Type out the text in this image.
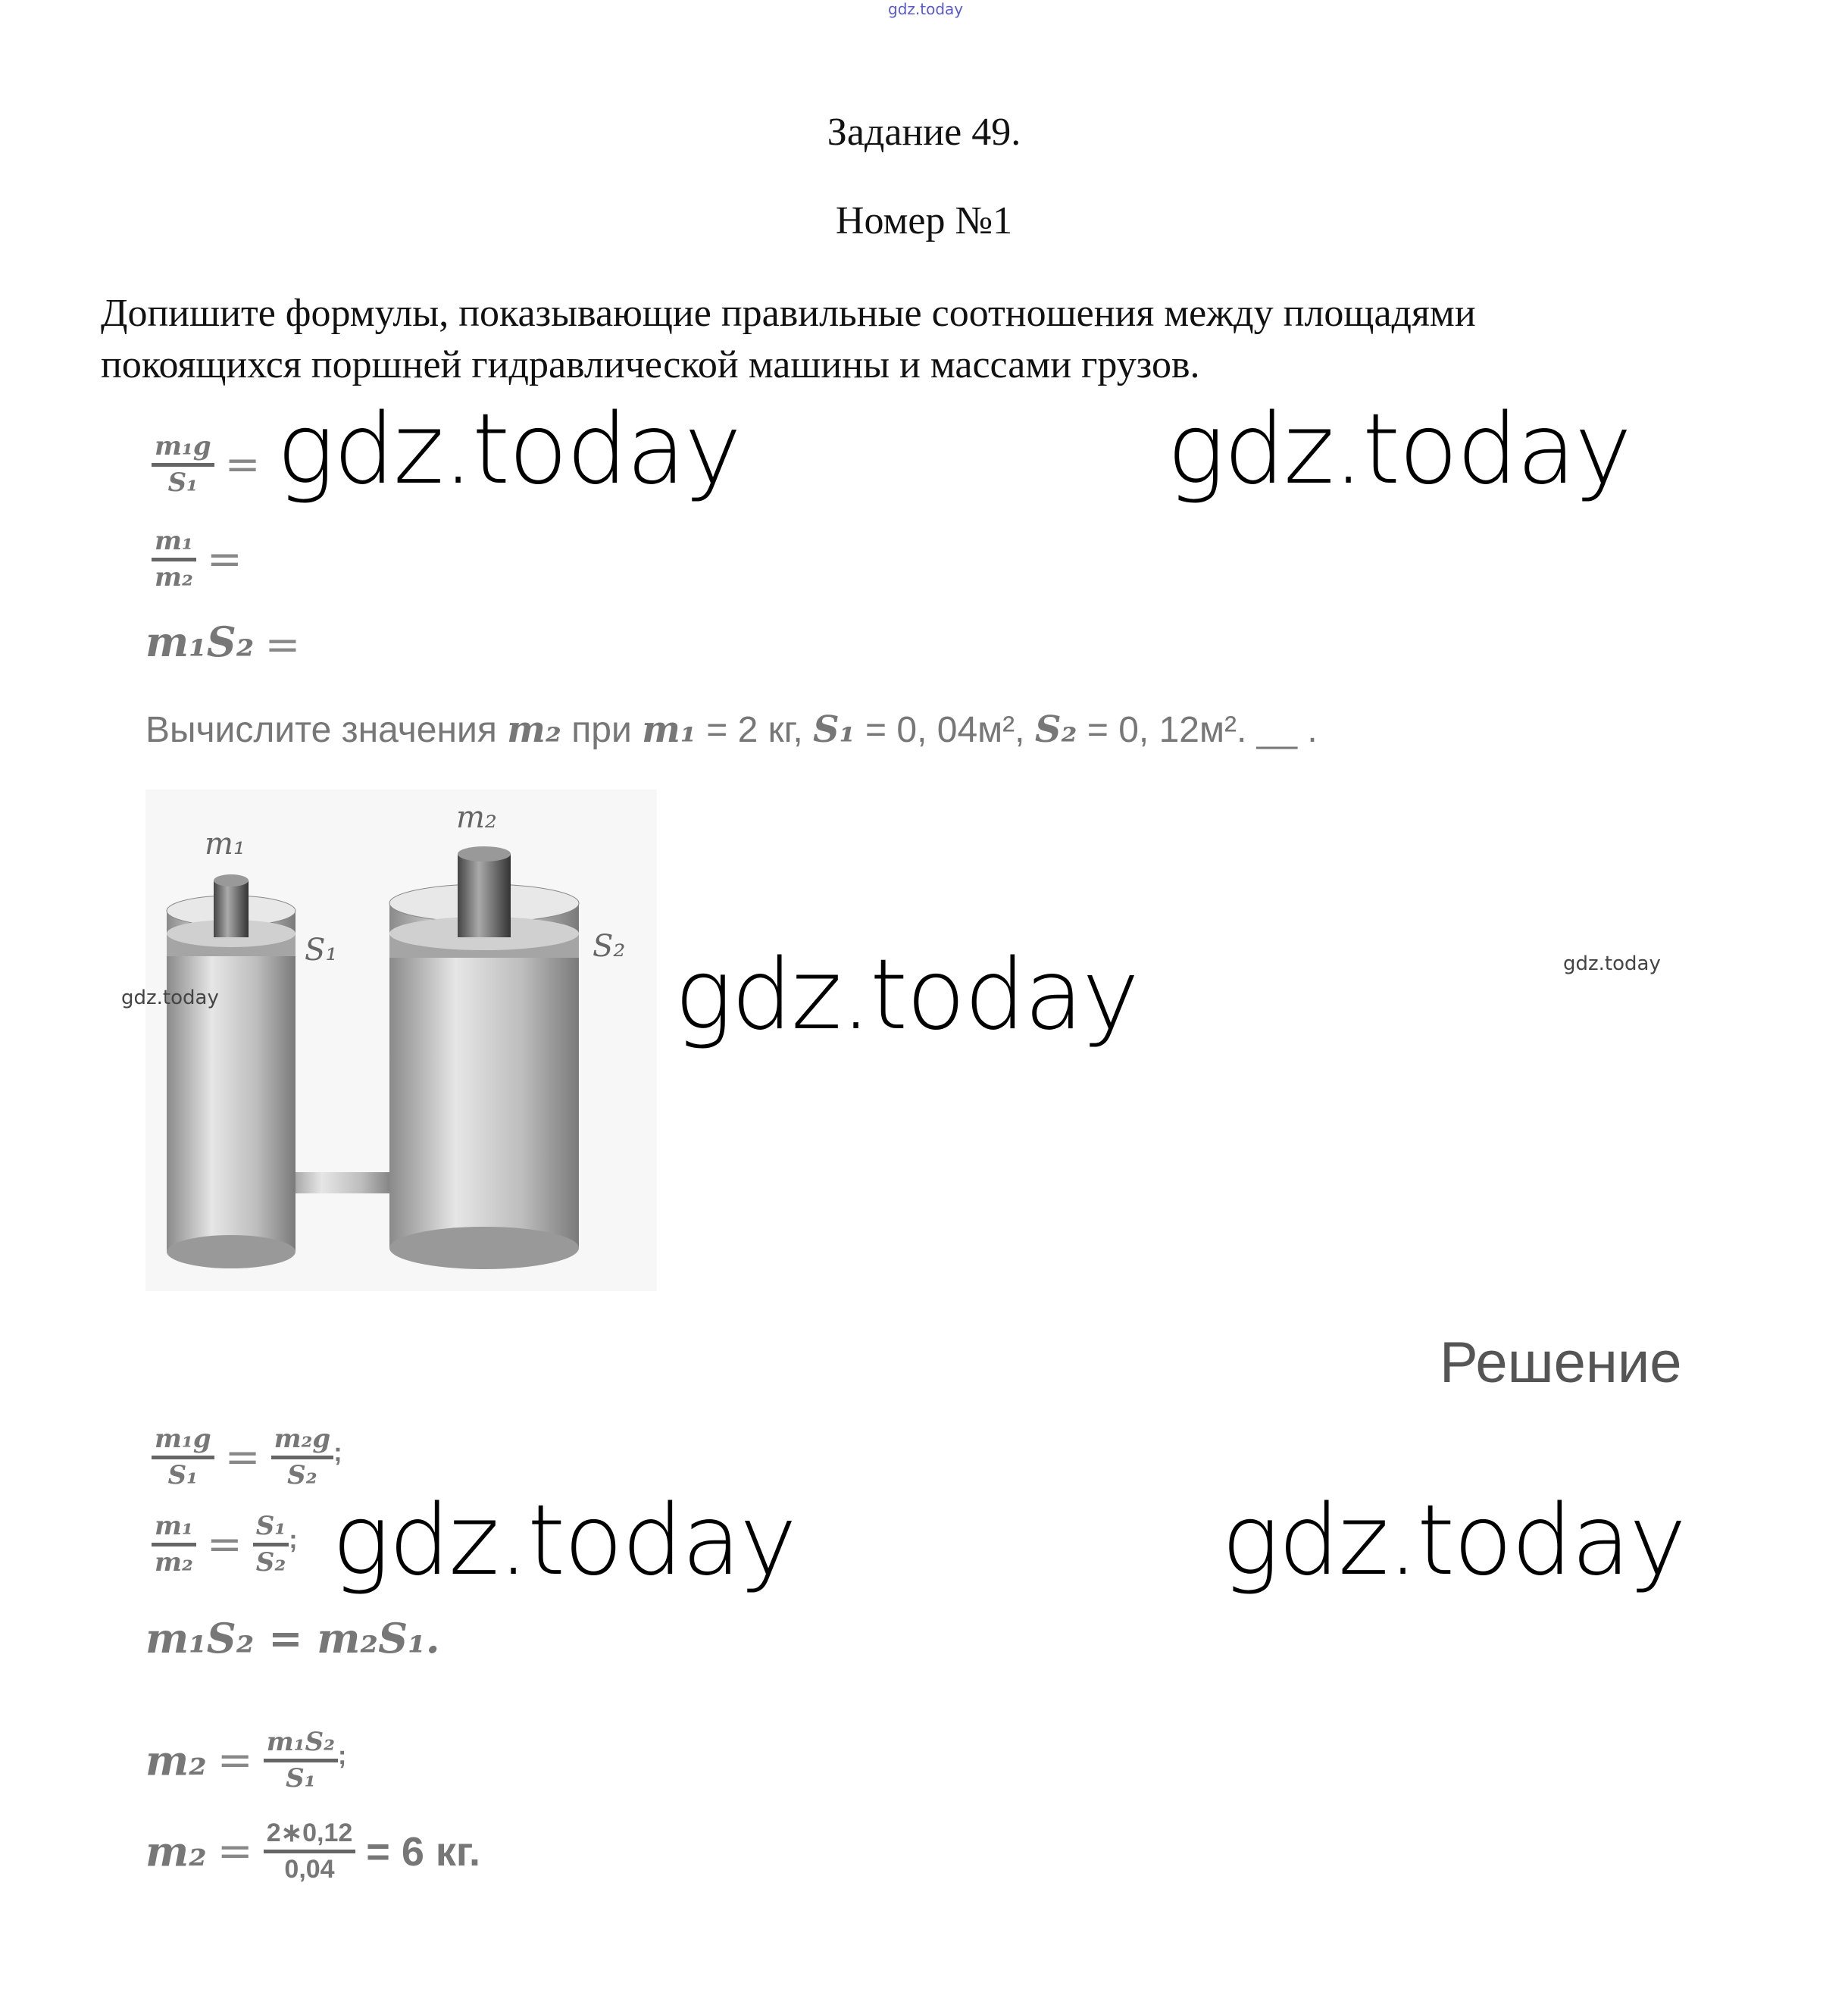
gdz.today
Задание 49.
Номер №1
Допишите формулы, показывающие правильные соотношения между площадями
покоящихся поршней гидравлической машины и массами грузов.
$\frac{\text{m₁g}}{\text{S₁}}$ =
$\frac{\text{m₁}}{\text{m₂}}$ =
m₁S₂ =
Вычислите значения m₂ при m₁ = 2 кг, S₁ = 0, 04м², S₂ = 0, 12м². __ .
m₁
m₂
S₁	S₂
Решение
$\frac{\text{m₁g}}{\text{S₁}} = \frac{\text{m₂g}}{\text{S₂}}$ ;
$\frac{\text{m₁}}{\text{m₂}} = \frac{\text{S₁}}{\text{S₂}}$ ;
m₁S₂ = m₂S₁.
$m_2 = \frac{\text{m₁S₂}}{\text{S₁}}$ ;
$m_2 = \frac{2∗0,12}{0,04} = 6$ кг.
gdz.today	gdz.today
gdz.today
gdz.today	gdz.today
gdz.today
gdz.today
